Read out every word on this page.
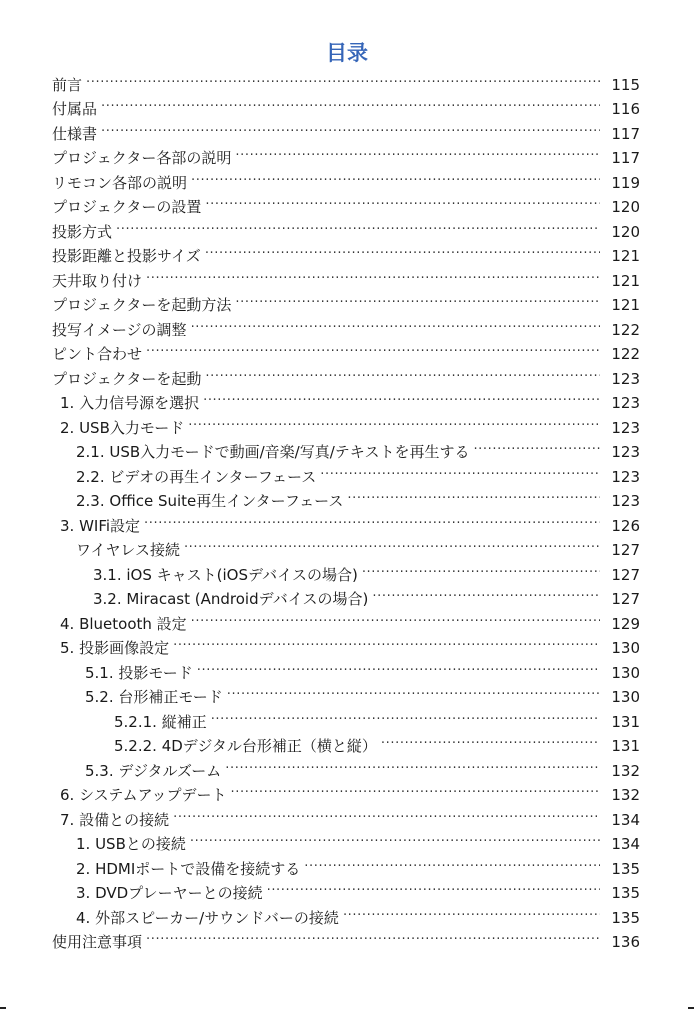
目录
前言 ·····	115
付属品 ·····	116
仕様書 ·····	117
プロジェクター各部の説明 ·····	117
リモコン各部の説明 ·····	119
プロジェクターの設置 ·····	120
投影方式 ·····	120
投影距離と投影サイズ ·····	121
天井取り付け ·····	121
プロジェクターを起動方法 ·····	121
投写イメージの調整 ·····	122
ピント合わせ ·····	122
プロジェクターを起動 ·····	123
1. 入力信号源を選択 ·····	123
2. USB入力モード ·····	123
2.1. USB入力モードで動画/音楽/写真/テキストを再生する ·····	123
2.2. ビデオの再生インターフェース ·····	123
2.3. Office Suite再生インターフェース ·····	123
3. WIFi設定 ·····	126
ワイヤレス接続 ·····	127
3.1. iOS キャスト(iOSデバイスの場合) ·····	127
3.2. Miracast (Androidデバイスの場合) ·····	127
4. Bluetooth 設定 ·····	129
5. 投影画像設定 ·····	130
5.1. 投影モード ·····	130
5.2. 台形補正モード ·····	130
5.2.1. 縦補正 ·····	131
5.2.2. 4Dデジタル台形補正（横と縦） ·····	131
5.3. デジタルズーム ·····	132
6. システムアップデート ·····	132
7. 設備との接続 ·····	134
1. USBとの接続 ·····	134
2. HDMIポートで設備を接続する ·····	135
3. DVDプレーヤーとの接続 ·····	135
4. 外部スピーカー/サウンドバーの接続 ·····	135
使用注意事項 ·····	136
